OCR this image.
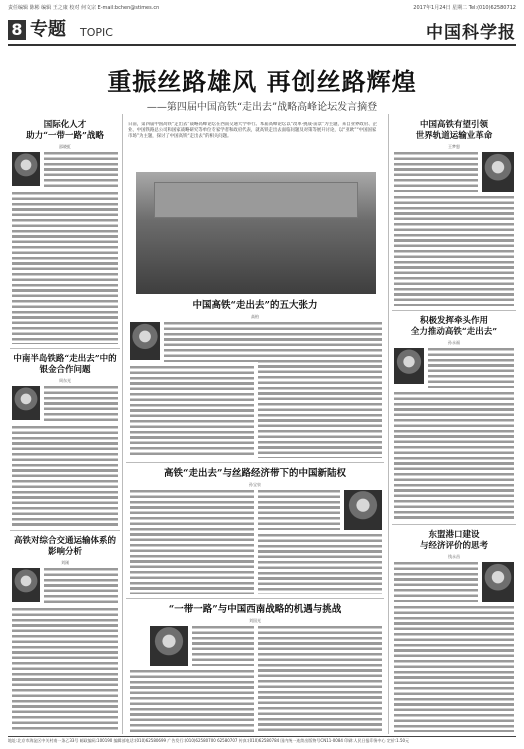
责任编辑 陈彬 编辑 王之康 校对 何文宗 E-mail:bchen@stimes.cn	2017年1月24日 星期二 Tel:(010)62580712
8 专题 TOPIC	中国科学报
重振丝路雄风 再创丝路辉煌
——第四届中国高铁“走出去”战略高峰论坛发言摘登
日前，第四届中国高铁“走出去”战略高峰论坛在西南交通大学举行。本届高峰论坛以“改革·挑战·前景”为主题，来自业界政府、企业、中国铁路总公司和国家战略研究等单位专家学者和政府代表，就高铁走出去面临问题及对策等展开讨论，以“亚欧”“中国国家市场”为主题，探讨了中国高铁“走出去”的相关问题。
国际化人才
助力“一带一路”战略
邵晓虹
中南半岛铁路“走出去”中的
银金合作问题
周东光
高铁对综合交通运输体系的
影响分析
刘刚
中国高铁“走出去”的五大张力
高柏
高铁“走出去”与丝路经济带下的中国新陆权
孙宝泉
“一带一路”与中国西南战略的机遇与挑战
刘国光
中国高铁有望引领
世界轨道运输业革命
王梦恕
积极发挥牵头作用
全力推动高铁“走出去”
孙永福
东盟港口建设
与经济评价的思考
钱永昌
地址:北京市海淀区中关村南一条乙33号 邮政编码:100190 编辑部电话:(010)62580699 广告发行:(010)62580700 62580707 传真:(010)62580784 国内统一连续出版物号CN11-0084 印刷:人民日报印务中心 定价:1.50元
